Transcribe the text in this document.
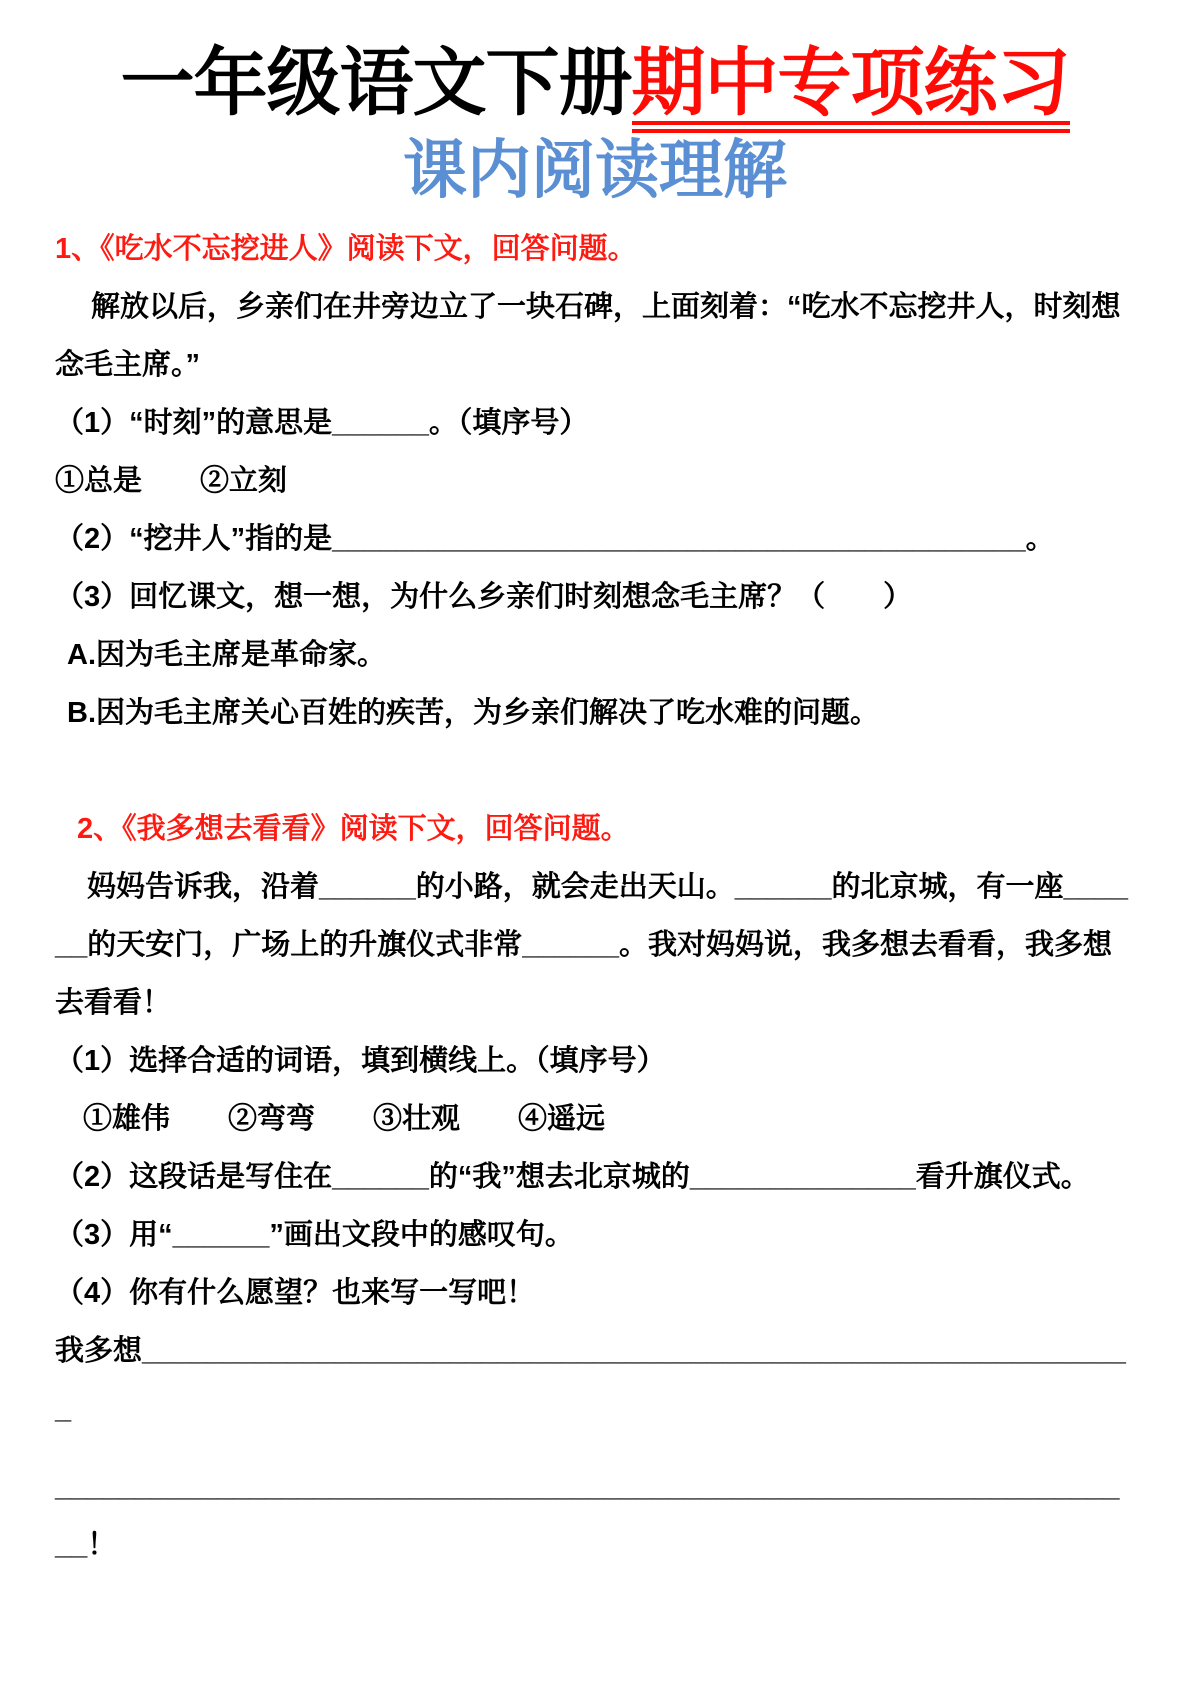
一年级语文下册期中专项练习
课内阅读理解
1、《吃水不忘挖进人》阅读下文，回答问题。
解放以后，乡亲们在井旁边立了一块石碑，上面刻着：“吃水不忘挖井人，时刻想念毛主席。”
（1）“时刻”的意思是______。（填序号）
①总是　　②立刻
（2）“挖井人”指的是___________________________________________。
（3）回忆课文，想一想，为什么乡亲们时刻想念毛主席？（　　）
A.因为毛主席是革命家。
B.因为毛主席关心百姓的疾苦，为乡亲们解决了吃水难的问题。
2、《我多想去看看》阅读下文，回答问题。
妈妈告诉我，沿着______的小路，就会走出天山。______的北京城，有一座______的天安门，广场上的升旗仪式非常______。我对妈妈说，我多想去看看，我多想去看看！
（1）选择合适的词语，填到横线上。（填序号）
①雄伟　　②弯弯　　③壮观　　④遥远
（2）这段话是写住在______的“我”想去北京城的______________看升旗仪式。
（3）用“______”画出文段中的感叹句。
（4）你有什么愿望？也来写一写吧！
我多想______________________________________________________________
____________________________________________________________________！
